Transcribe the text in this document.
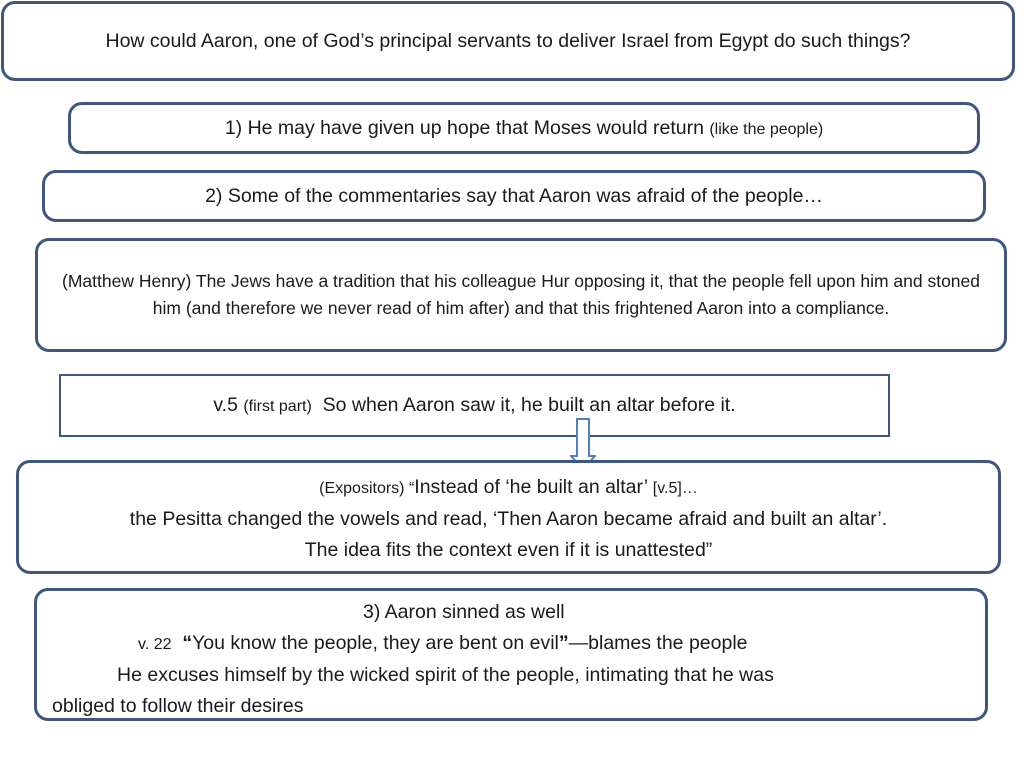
How could Aaron, one of God’s principal servants to deliver Israel from Egypt do such things?
1) He may have given up hope that Moses would return (like the people)
2) Some of the commentaries say that Aaron was afraid of the people…
(Matthew Henry) The Jews have a tradition that his colleague Hur opposing it, that the people fell upon him and stoned him (and therefore we never read of him after) and that this frightened Aaron into a compliance.
v.5 (first part) So when Aaron saw it, he built an altar before it.
(Expositors) “Instead of ‘he built an altar’ [v.5]…
the Pesitta changed the vowels and read, ‘Then Aaron became afraid and built an altar’.
The idea fits the context even if it is unattested”
3) Aaron sinned as well
v. 22 “You know the people, they are bent on evil”—blames the people
He excuses himself by the wicked spirit of the people, intimating that he was
obliged to follow their desires
